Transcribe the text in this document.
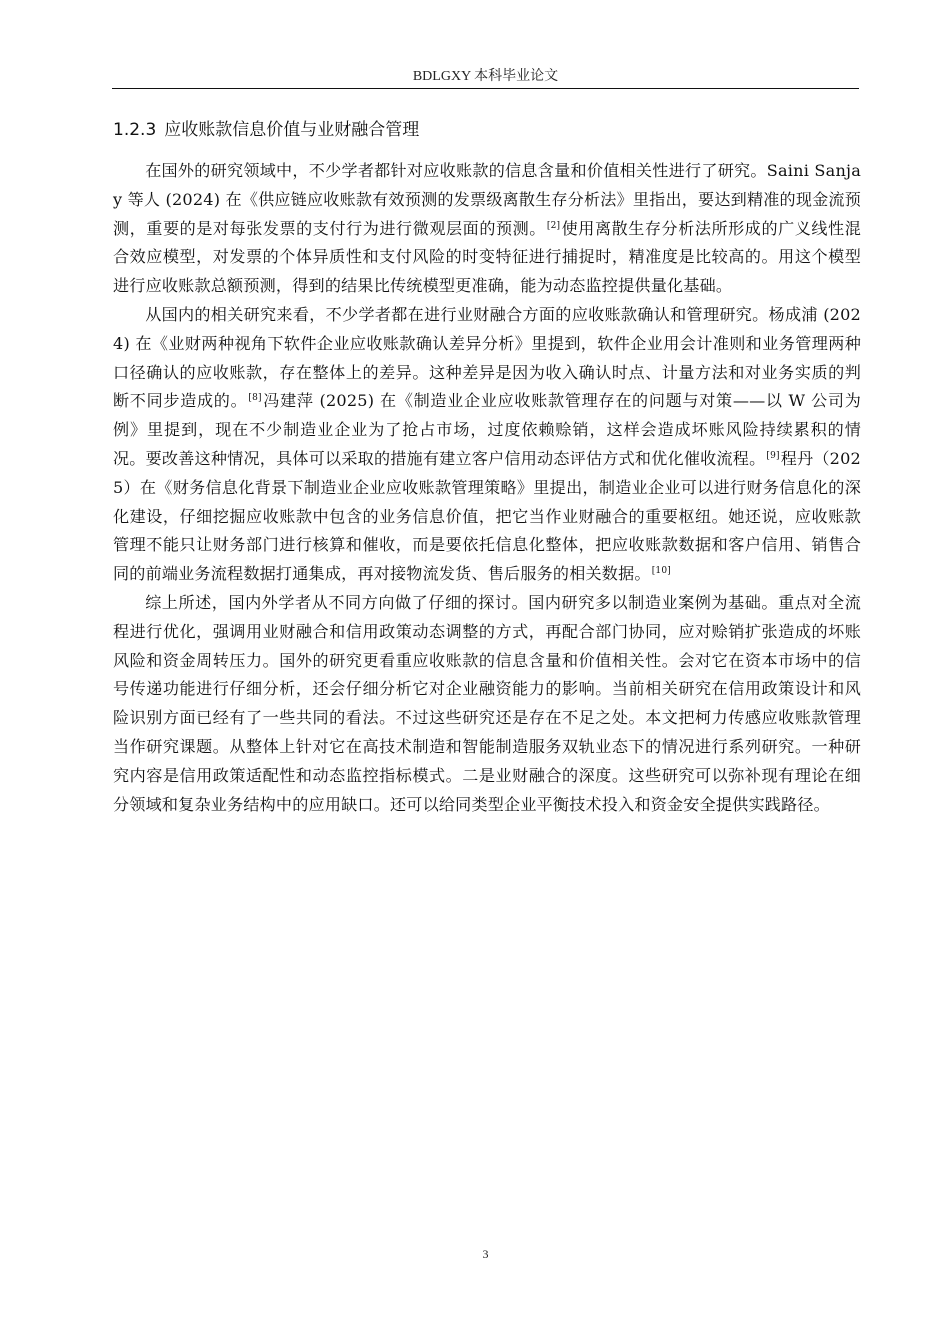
BDLGXY 本科毕业论文
1.2.3 应收账款信息价值与业财融合管理

在国外的研究领域中，不少学者都针对应收账款的信息含量和价值相关性进行了研究。Saini Sanjay 等人 (2024) 在《供应链应收账款有效预测的发票级离散生存分析法》里指出，要达到精准的现金流预测，重要的是对每张发票的支付行为进行微观层面的预测。[2]使用离散生存分析法所形成的广义线性混合效应模型，对发票的个体异质性和支付风险的时变特征进行捕捉时，精准度是比较高的。用这个模型进行应收账款总额预测，得到的结果比传统模型更准确，能为动态监控提供量化基础。

从国内的相关研究来看，不少学者都在进行业财融合方面的应收账款确认和管理研究。杨成浦 (2024) 在《业财两种视角下软件企业应收账款确认差异分析》里提到，软件企业用会计准则和业务管理两种口径确认的应收账款，存在整体上的差异。这种差异是因为收入确认时点、计量方法和对业务实质的判断不同步造成的。[8]冯建萍 (2025) 在《制造业企业应收账款管理存在的问题与对策——以 W 公司为例》里提到，现在不少制造业企业为了抢占市场，过度依赖赊销，这样会造成坏账风险持续累积的情况。要改善这种情况，具体可以采取的措施有建立客户信用动态评估方式和优化催收流程。[9]程丹（2025）在《财务信息化背景下制造业企业应收账款管理策略》里提出，制造业企业可以进行财务信息化的深化建设，仔细挖掘应收账款中包含的业务信息价值，把它当作业财融合的重要枢纽。她还说，应收账款管理不能只让财务部门进行核算和催收，而是要依托信息化整体，把应收账款数据和客户信用、销售合同的前端业务流程数据打通集成，再对接物流发货、售后服务的相关数据。[10]

综上所述，国内外学者从不同方向做了仔细的探讨。国内研究多以制造业案例为基础。重点对全流程进行优化，强调用业财融合和信用政策动态调整的方式，再配合部门协同，应对赊销扩张造成的坏账风险和资金周转压力。国外的研究更看重应收账款的信息含量和价值相关性。会对它在资本市场中的信号传递功能进行仔细分析，还会仔细分析它对企业融资能力的影响。当前相关研究在信用政策设计和风险识别方面已经有了一些共同的看法。不过这些研究还是存在不足之处。本文把柯力传感应收账款管理当作研究课题。从整体上针对它在高技术制造和智能制造服务双轨业态下的情况进行系列研究。一种研究内容是信用政策适配性和动态监控指标模式。二是业财融合的深度。这些研究可以弥补现有理论在细分领域和复杂业务结构中的应用缺口。还可以给同类型企业平衡技术投入和资金安全提供实践路径。

3
